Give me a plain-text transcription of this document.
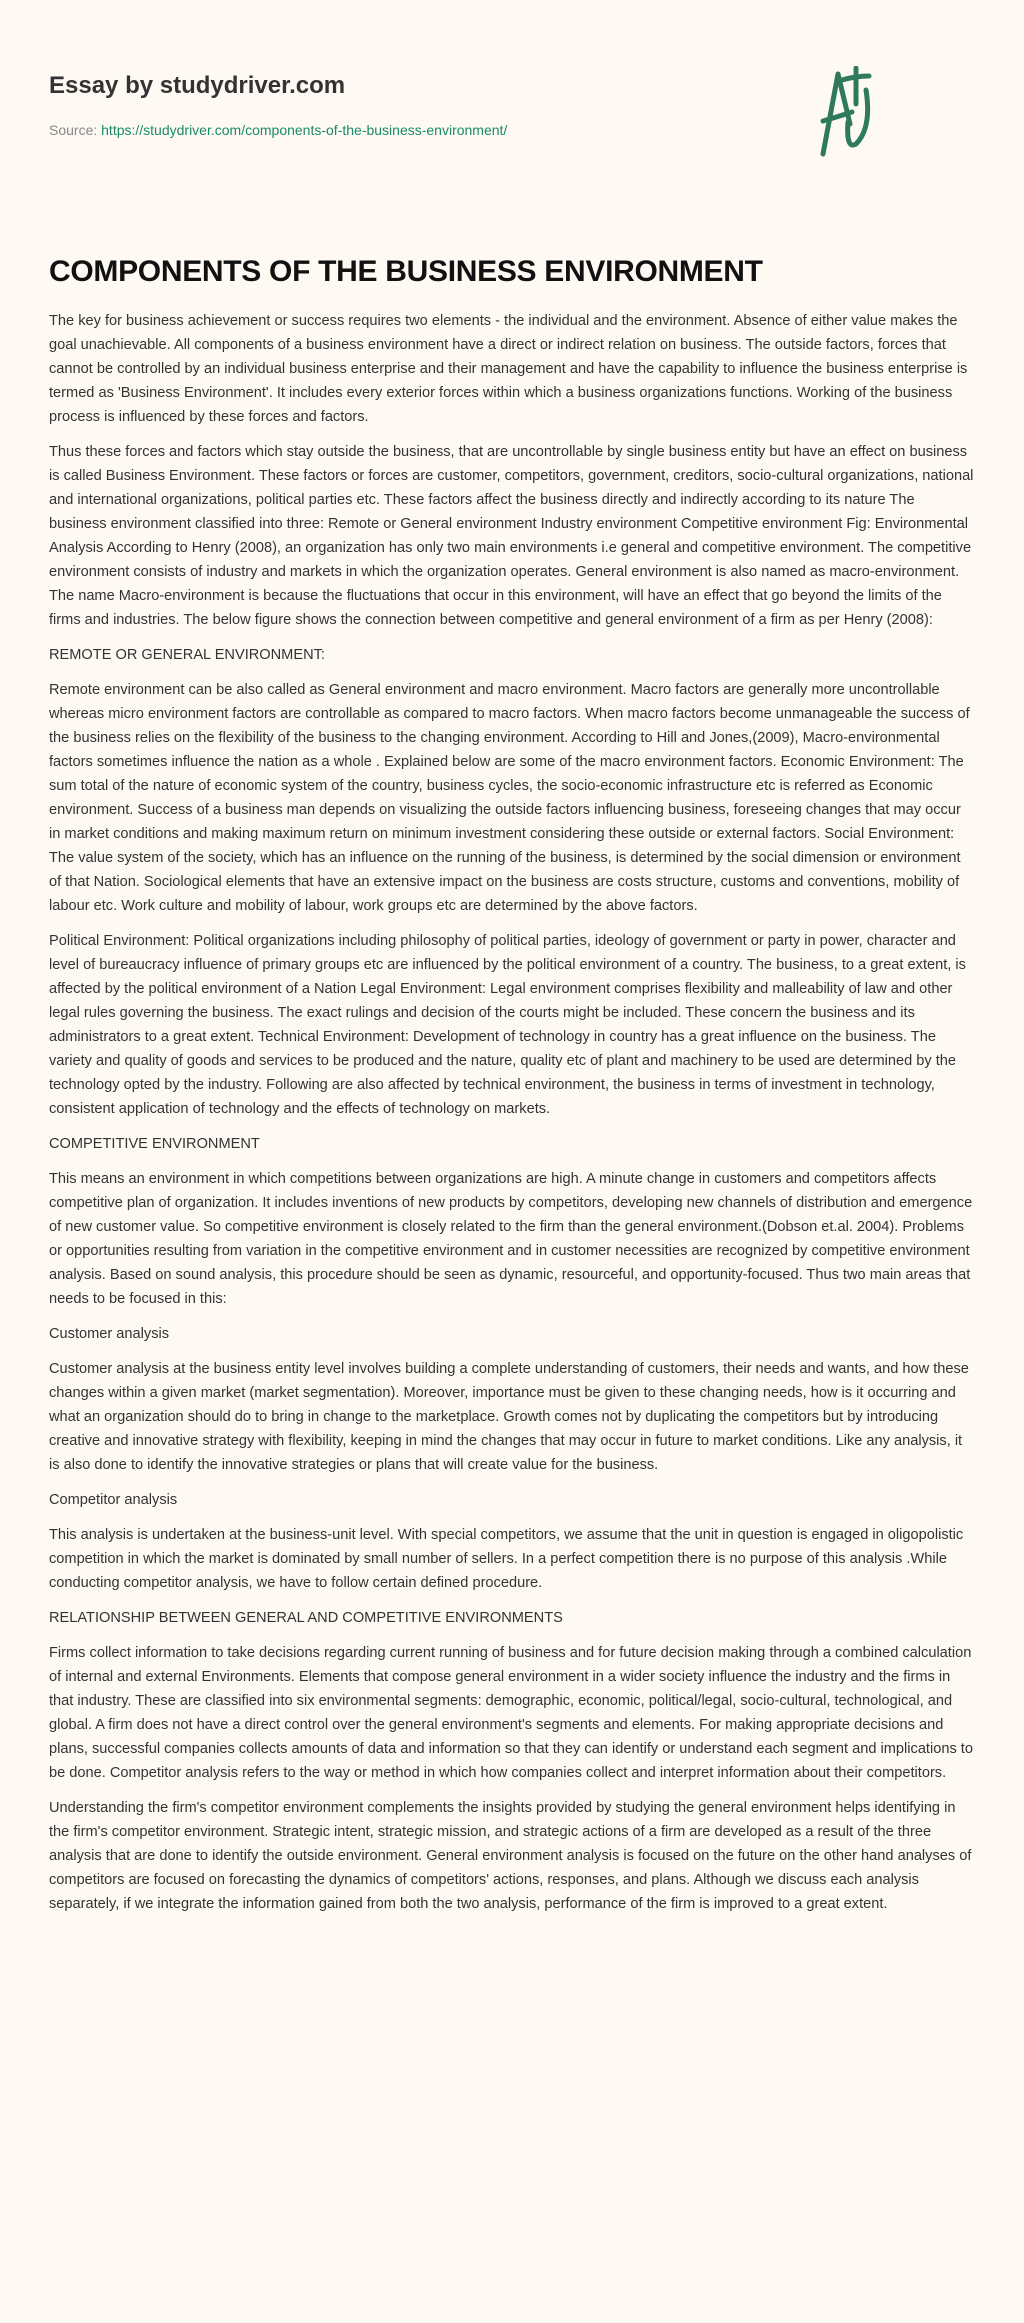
Essay by studydriver.com
Source: https://studydriver.com/components-of-the-business-environment/
COMPONENTS OF THE BUSINESS ENVIRONMENT

The key for business achievement or success requires two elements - the individual and the environment. Absence of either value makes the goal unachievable. All components of a business environment have a direct or indirect relation on business. The outside factors, forces that cannot be controlled by an individual business enterprise and their management and have the capability to influence the business enterprise is termed as 'Business Environment'. It includes every exterior forces within which a business organizations functions. Working of the business process is influenced by these forces and factors.

Thus these forces and factors which stay outside the business, that are uncontrollable by single business entity but have an effect on business is called Business Environment. These factors or forces are customer, competitors, government, creditors, socio-cultural organizations, national and international organizations, political parties etc. These factors affect the business directly and indirectly according to its nature The business environment classified into three: Remote or General environment Industry environment Competitive environment Fig: Environmental Analysis According to Henry (2008), an organization has only two main environments i.e general and competitive environment. The competitive environment consists of industry and markets in which the organization operates. General environment is also named as macro-environment. The name Macro-environment is because the fluctuations that occur in this environment, will have an effect that go beyond the limits of the firms and industries. The below figure shows the connection between competitive and general environment of a firm as per Henry (2008):

REMOTE OR GENERAL ENVIRONMENT:

Remote environment can be also called as General environment and macro environment. Macro factors are generally more uncontrollable whereas micro environment factors are controllable as compared to macro factors. When macro factors become unmanageable the success of the business relies on the flexibility of the business to the changing environment. According to Hill and Jones,(2009), Macro-environmental factors sometimes influence the nation as a whole . Explained below are some of the macro environment factors. Economic Environment: The sum total of the nature of economic system of the country, business cycles, the socio-economic infrastructure etc is referred as Economic environment. Success of a business man depends on visualizing the outside factors influencing business, foreseeing changes that may occur in market conditions and making maximum return on minimum investment considering these outside or external factors. Social Environment: The value system of the society, which has an influence on the running of the business, is determined by the social dimension or environment of that Nation. Sociological elements that have an extensive impact on the business are costs structure, customs and conventions, mobility of labour etc. Work culture and mobility of labour, work groups etc are determined by the above factors.

Political Environment: Political organizations including philosophy of political parties, ideology of government or party in power, character and level of bureaucracy influence of primary groups etc are influenced by the political environment of a country. The business, to a great extent, is affected by the political environment of a Nation Legal Environment: Legal environment comprises flexibility and malleability of law and other legal rules governing the business. The exact rulings and decision of the courts might be included. These concern the business and its administrators to a great extent. Technical Environment: Development of technology in country has a great influence on the business. The variety and quality of goods and services to be produced and the nature, quality etc of plant and machinery to be used are determined by the technology opted by the industry. Following are also affected by technical environment, the business in terms of investment in technology, consistent application of technology and the effects of technology on markets.

COMPETITIVE ENVIRONMENT

This means an environment in which competitions between organizations are high. A minute change in customers and competitors affects competitive plan of organization. It includes inventions of new products by competitors, developing new channels of distribution and emergence of new customer value. So competitive environment is closely related to the firm than the general environment.(Dobson et.al. 2004). Problems or opportunities resulting from variation in the competitive environment and in customer necessities are recognized by competitive environment analysis. Based on sound analysis, this procedure should be seen as dynamic, resourceful, and opportunity-focused. Thus two main areas that needs to be focused in this:

Customer analysis

Customer analysis at the business entity level involves building a complete understanding of customers, their needs and wants, and how these changes within a given market (market segmentation). Moreover, importance must be given to these changing needs, how is it occurring and what an organization should do to bring in change to the marketplace. Growth comes not by duplicating the competitors but by introducing creative and innovative strategy with flexibility, keeping in mind the changes that may occur in future to market conditions. Like any analysis, it is also done to identify the innovative strategies or plans that will create value for the business.

Competitor analysis

This analysis is undertaken at the business-unit level. With special competitors, we assume that the unit in question is engaged in oligopolistic competition in which the market is dominated by small number of sellers. In a perfect competition there is no purpose of this analysis .While conducting competitor analysis, we have to follow certain defined procedure.

RELATIONSHIP BETWEEN GENERAL AND COMPETITIVE ENVIRONMENTS

Firms collect information to take decisions regarding current running of business and for future decision making through a combined calculation of internal and external Environments. Elements that compose general environment in a wider society influence the industry and the firms in that industry. These are classified into six environmental segments: demographic, economic, political/legal, socio-cultural, technological, and global. A firm does not have a direct control over the general environment's segments and elements. For making appropriate decisions and plans, successful companies collects amounts of data and information so that they can identify or understand each segment and implications to be done. Competitor analysis refers to the way or method in which how companies collect and interpret information about their competitors.

Understanding the firm's competitor environment complements the insights provided by studying the general environment helps identifying in the firm's competitor environment. Strategic intent, strategic mission, and strategic actions of a firm are developed as a result of the three analysis that are done to identify the outside environment. General environment analysis is focused on the future on the other hand analyses of competitors are focused on forecasting the dynamics of competitors' actions, responses, and plans. Although we discuss each analysis separately, if we integrate the information gained from both the two analysis, performance of the firm is improved to a great extent.
